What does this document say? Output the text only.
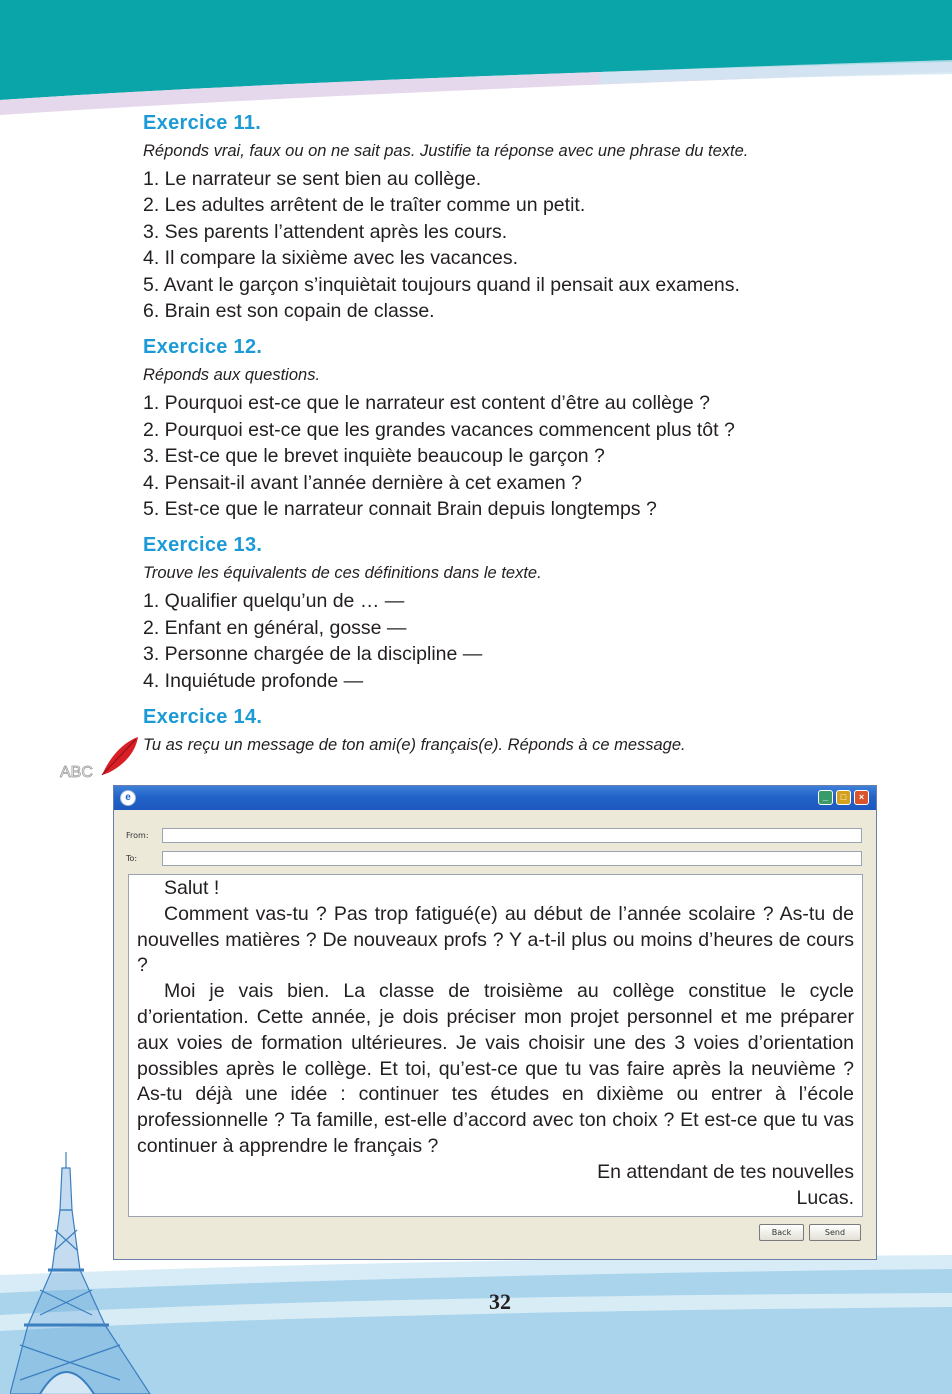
ABC
Exercice 11.

Réponds vrai, faux ou on ne sait pas. Justifie ta réponse avec une phrase du texte.

1. Le narrateur se sent bien au collège.
2. Les adultes arrêtent de le traîter comme un petit.
3. Ses parents l’attendent après les cours.
4. Il compare la sixième avec les vacances.
5. Avant le garçon s’inquiètait toujours quand il pensait aux examens.
6. Brain est son copain de classe.
Exercice 12.

Réponds aux questions.

1. Pourquoi est-ce que le narrateur est content d’être au collège ?
2. Pourquoi est-ce que les grandes vacances commencent plus tôt ?
3. Est-ce que le brevet inquiète beaucoup le garçon ?
4. Pensait-il avant l’année dernière à cet examen ?
5. Est-ce que le narrateur connait Brain depuis longtemps ?
Exercice 13.

Trouve les équivalents de ces définitions dans le texte.

1. Qualifier quelqu’un de … —
2. Enfant en général, gosse —
3. Personne chargée de la discipline —
4. Inquiétude profonde —
Exercice 14.

Tu as reçu un message de ton ami(e) français(e). Réponds à ce message.

e	_	□	×
From:
To:

Salut !

Comment vas-tu ? Pas trop fatigué(e) au début de l’année scolaire ? As-tu de nouvelles matières ? De nouveaux profs ? Y a-t-il plus ou moins d’heures de cours ?

Moi je vais bien. La classe de troisième au collège constitue le cycle d’orientation. Cette année, je dois préciser mon projet personnel et me préparer aux voies de formation ultérieures. Je vais choisir une des 3 voies d’orientation possibles après le collège. Et toi, qu’est-ce que tu vas faire après la neuvième ? As-tu déjà une idée : continuer tes études en dixième ou entrer à l’école professionnelle ? Ta famille, est-elle d’accord avec ton choix ? Et est-ce que tu vas continuer à apprendre le français ?

En attendant de tes nouvelles

Lucas.

Back	Send
32
